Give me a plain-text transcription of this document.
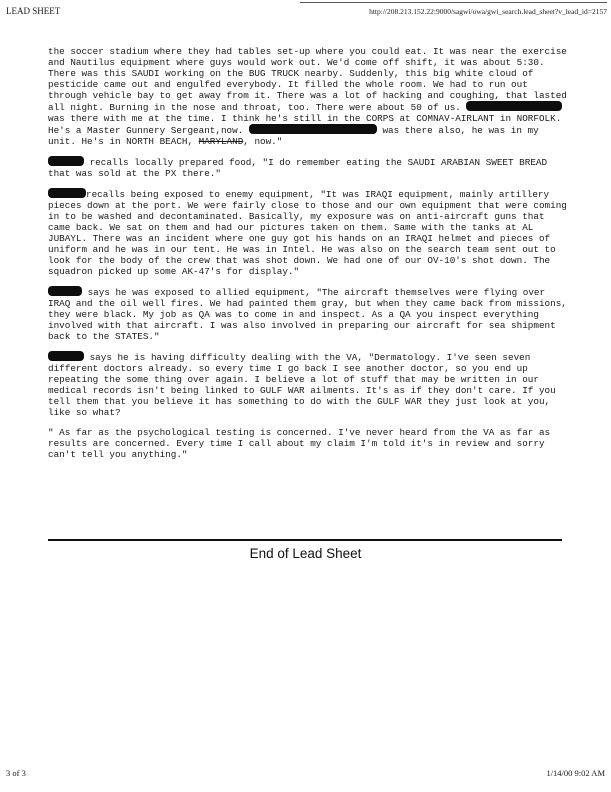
LEAD SHEET	http://208.213.152.22:9000/sagwi/owa/gwi_search.lead_sheet?v_lead_id=2157

the soccer stadium where they had tables set-up where you could eat. It was near the exercise and Nautilus equipment where guys would work out. We'd come off shift, it was about 5:30. There was this SAUDI working on the BUG TRUCK nearby. Suddenly, this big white cloud of pesticide came out and engulfed everybody. It filled the whole room. We had to run out through vehicle bay to get away from it. There was a lot of hacking and coughing, that lasted all night. Burning in the nose and throat, too. There were about 50 of us.	was there with me at the time. I think he's still in the CORPS at COMNAV-AIRLANT in NORFOLK. He's a Master Gunnery Sergeant,now.	was there also, he was in my unit. He's in NORTH BEACH, MARYLAND, now."

recalls locally prepared food, "I do remember eating the SAUDI ARABIAN SWEET BREAD that was sold at the PX there."

recalls being exposed to enemy equipment, "It was IRAQI equipment, mainly artillery pieces down at the port. We were fairly close to those and our own equipment that were coming in to be washed and decontaminated. Basically, my exposure was on anti-aircraft guns that came back. We sat on them and had our pictures taken on them. Same with the tanks at AL JUBAYL. There was an incident where one guy got his hands on an IRAQI helmet and pieces of uniform and he was in our tent. He was in Intel. He was also on the search team sent out to look for the body of the crew that was shot down. We had one of our OV-10's shot down. The squadron picked up some AK-47's for display."

says he was exposed to allied equipment, "The aircraft themselves were flying over IRAQ and the oil well fires. We had painted them gray, but when they came back from missions, they were black. My job as QA was to come in and inspect. As a QA you inspect everything involved with that aircraft. I was also involved in preparing our aircraft for sea shipment back to the STATES."

says he is having difficulty dealing with the VA, "Dermatology. I've seen seven different doctors already. so every time I go back I see another doctor, so you end up repeating the some thing over again. I believe a lot of stuff that may be written in our medical records isn't being linked to GULF WAR ailments. It's as if they don't care. If you tell them that you believe it has something to do with the GULF WAR they just look at you, like so what?

" As far as the psychological testing is concerned. I've never heard from the VA as far as results are concerned. Every time I call about my claim I'm told it's in review and sorry can't tell you anything."

End of Lead Sheet
3 of 3	1/14/00 9:02 AM
